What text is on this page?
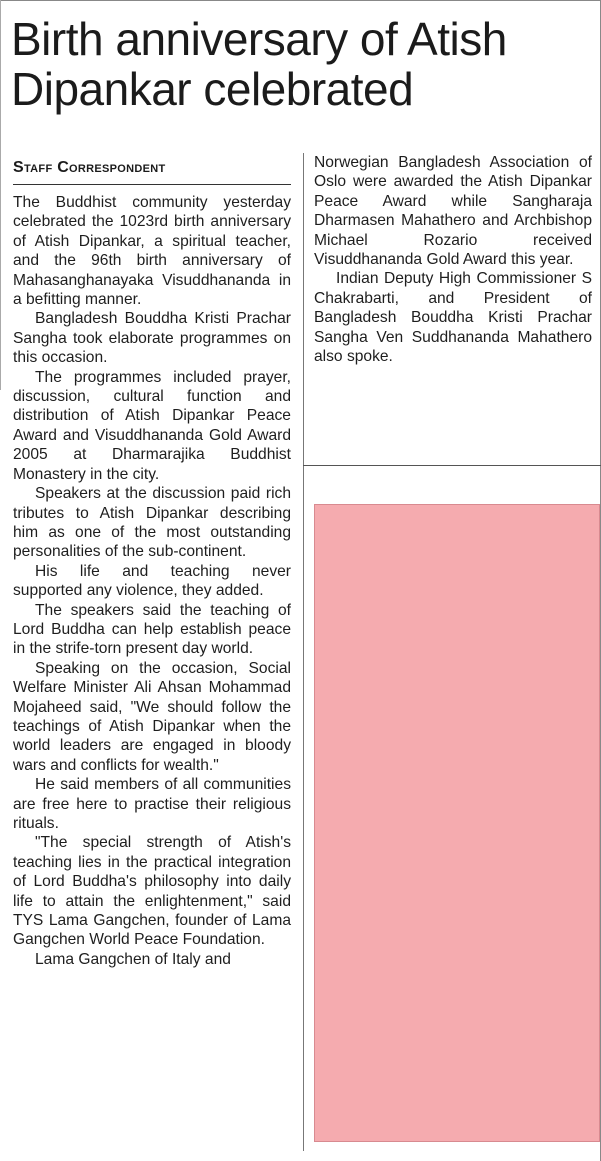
Birth anniversary of Atish Dipankar celebrated
Staff Correspondent

The Buddhist community yesterday celebrated the 1023rd birth anniversary of Atish Dipankar, a spiritual teacher, and the 96th birth anniversary of Mahasanghanayaka Visuddhananda in a befitting manner.

Bangladesh Bouddha Kristi Prachar Sangha took elaborate programmes on this occasion.

The programmes included prayer, discussion, cultural function and distribution of Atish Dipankar Peace Award and Visuddhananda Gold Award 2005 at Dharmarajika Buddhist Monastery in the city.

Speakers at the discussion paid rich tributes to Atish Dipankar describing him as one of the most outstanding personalities of the sub-continent.

His life and teaching never supported any violence, they added.

The speakers said the teaching of Lord Buddha can help establish peace in the strife-torn present day world.

Speaking on the occasion, Social Welfare Minister Ali Ahsan Mohammad Mojaheed said, "We should follow the teachings of Atish Dipankar when the world leaders are engaged in bloody wars and conflicts for wealth."

He said members of all communities are free here to practise their religious rituals.

"The special strength of Atish's teaching lies in the practical integration of Lord Buddha's philosophy into daily life to attain the enlightenment," said TYS Lama Gangchen, founder of Lama Gangchen World Peace Foundation.

Lama Gangchen of Italy and

Norwegian Bangladesh Association of Oslo were awarded the Atish Dipankar Peace Award while Sangharaja Dharmasen Mahathero and Archbishop Michael Rozario received Visuddhananda Gold Award this year.

Indian Deputy High Commissioner S Chakrabarti, and President of Bangladesh Bouddha Kristi Prachar Sangha Ven Suddhananda Mahathero also spoke.
